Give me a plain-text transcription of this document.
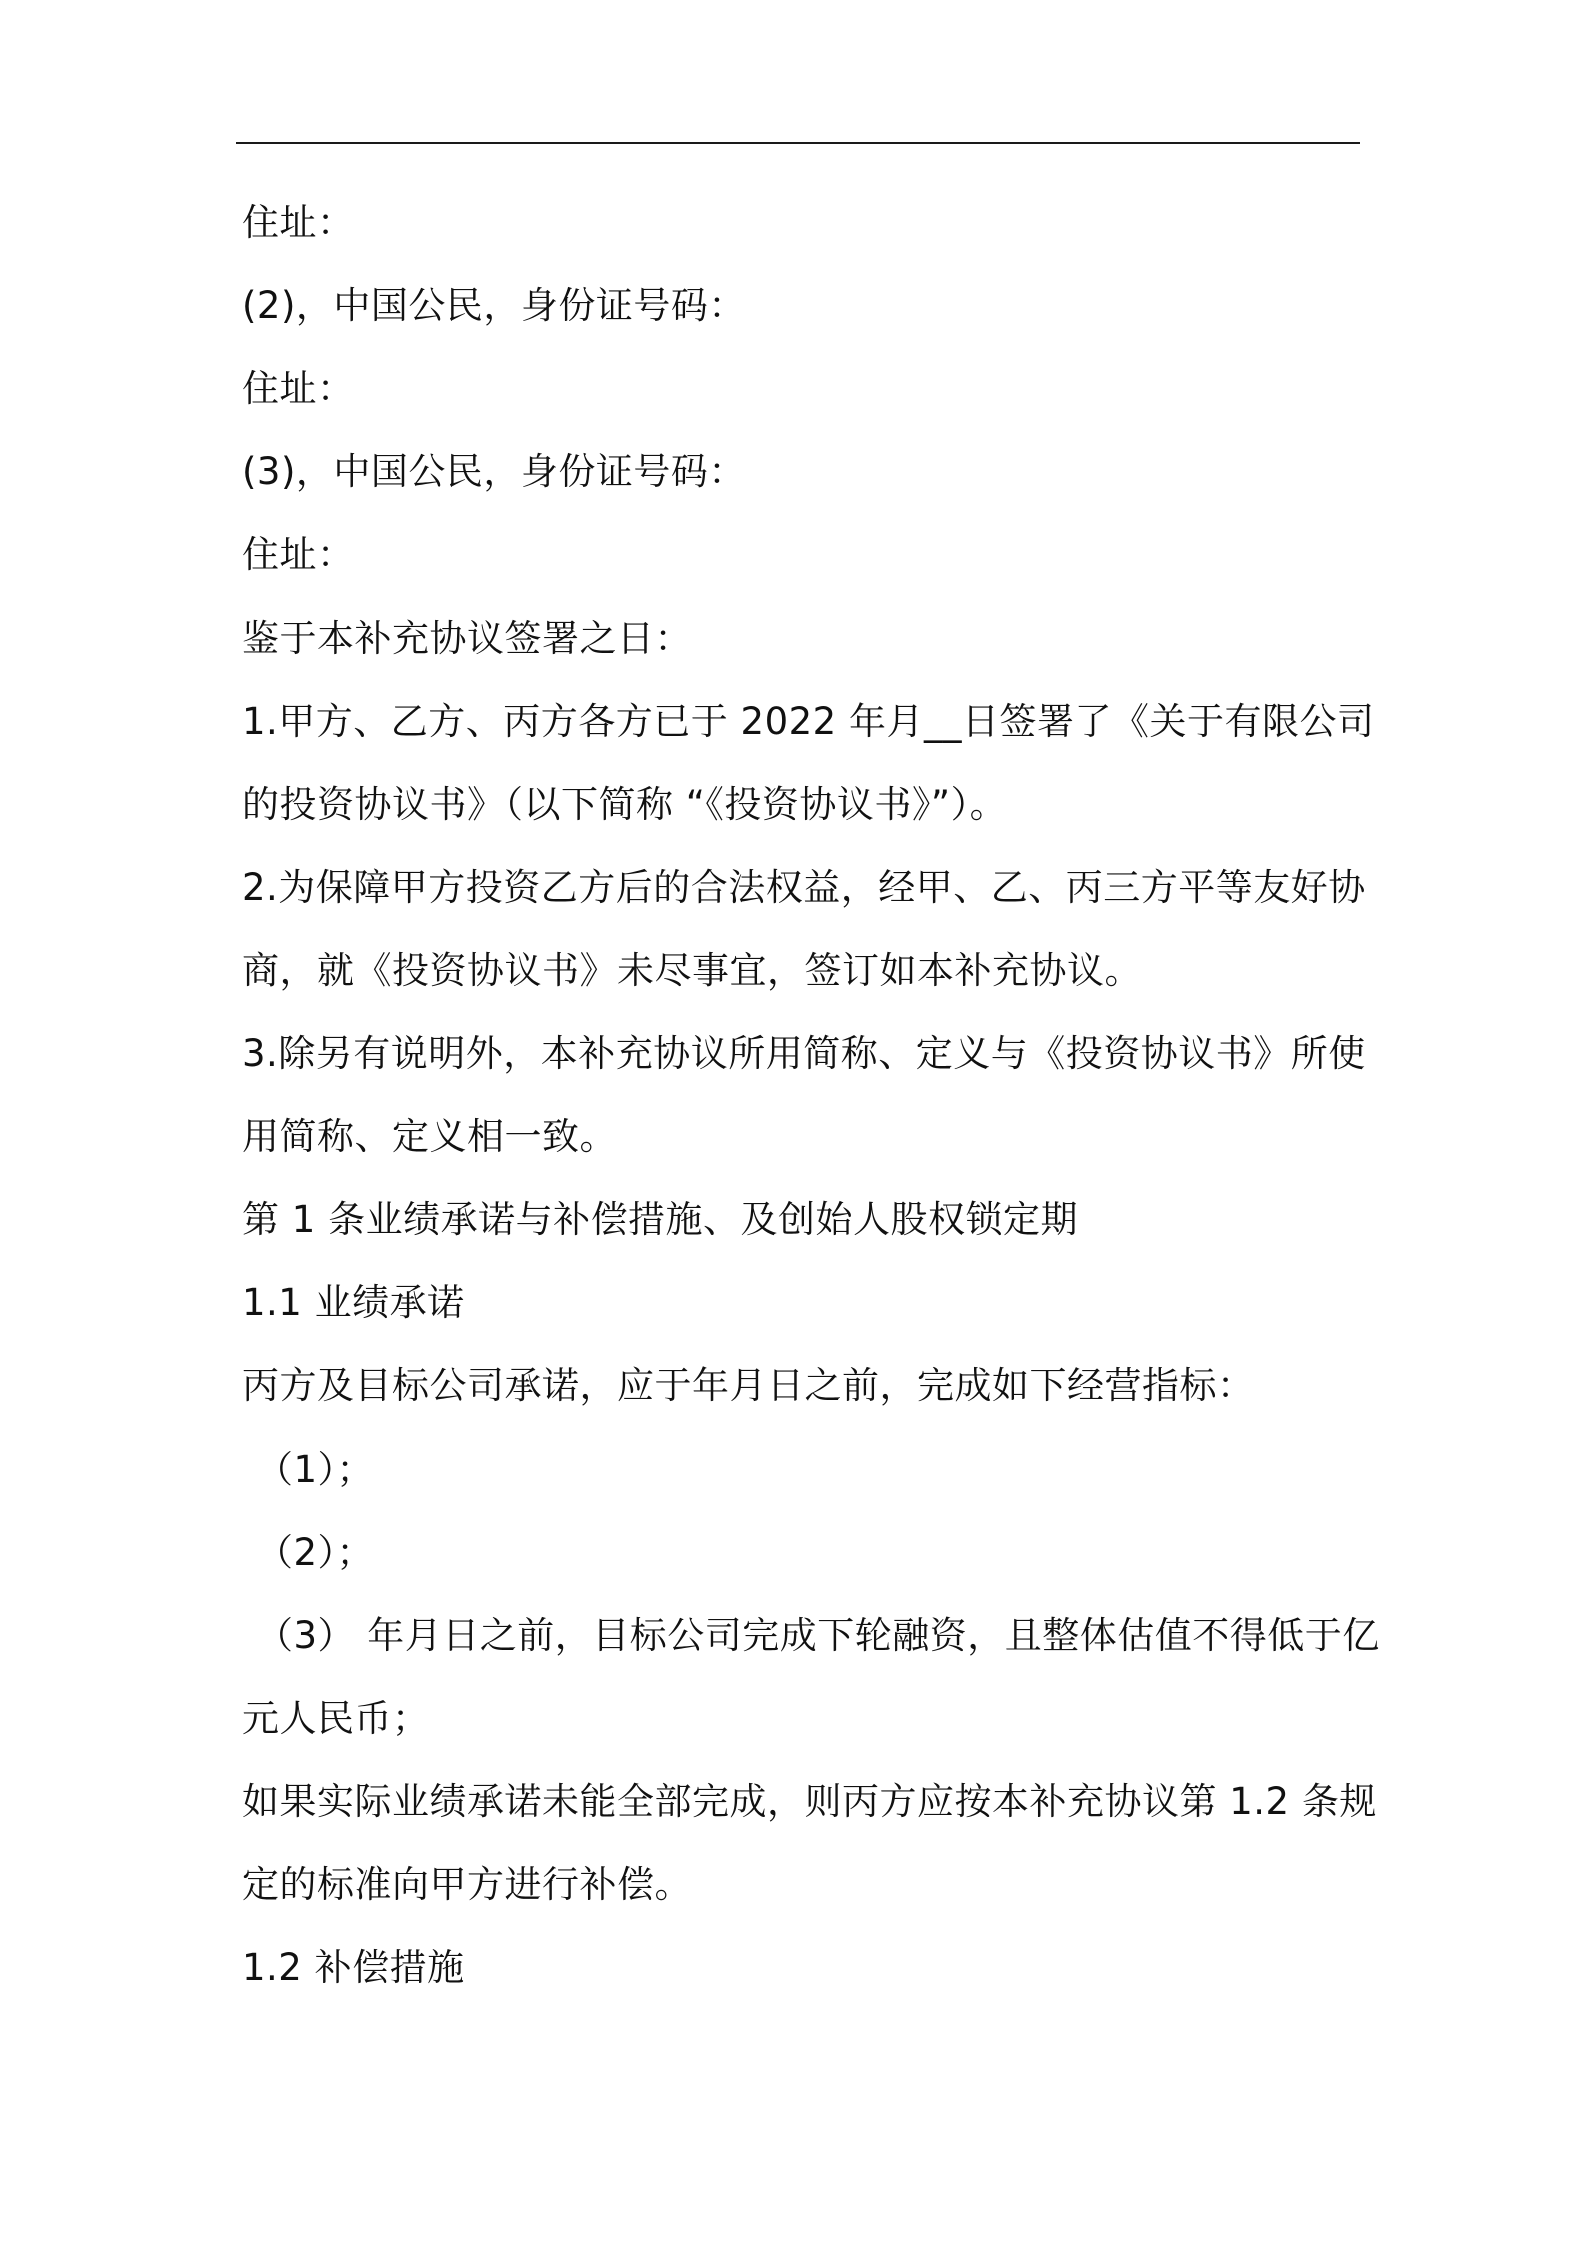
住址：
(2)，中国公民，身份证号码：
住址：
(3)，中国公民，身份证号码：
住址：
鉴于本补充协议签署之日：
1.甲方、乙方、丙方各方已于 2022 年月__日签署了《关于有限公司
的投资协议书》（以下简称 “《投资协议书》”）。
2.为保障甲方投资乙方后的合法权益，经甲、乙、丙三方平等友好协
商，就《投资协议书》未尽事宜，签订如本补充协议。
3.除另有说明外，本补充协议所用简称、定义与《投资协议书》所使
用简称、定义相一致。
第 1 条业绩承诺与补偿措施、及创始人股权锁定期
1.1 业绩承诺
丙方及目标公司承诺，应于年月日之前，完成如下经营指标：
（1）；
（2）；
（3） 年月日之前，目标公司完成下轮融资，且整体估值不得低于亿
元人民币；
如果实际业绩承诺未能全部完成，则丙方应按本补充协议第 1.2 条规
定的标准向甲方进行补偿。
1.2 补偿措施
